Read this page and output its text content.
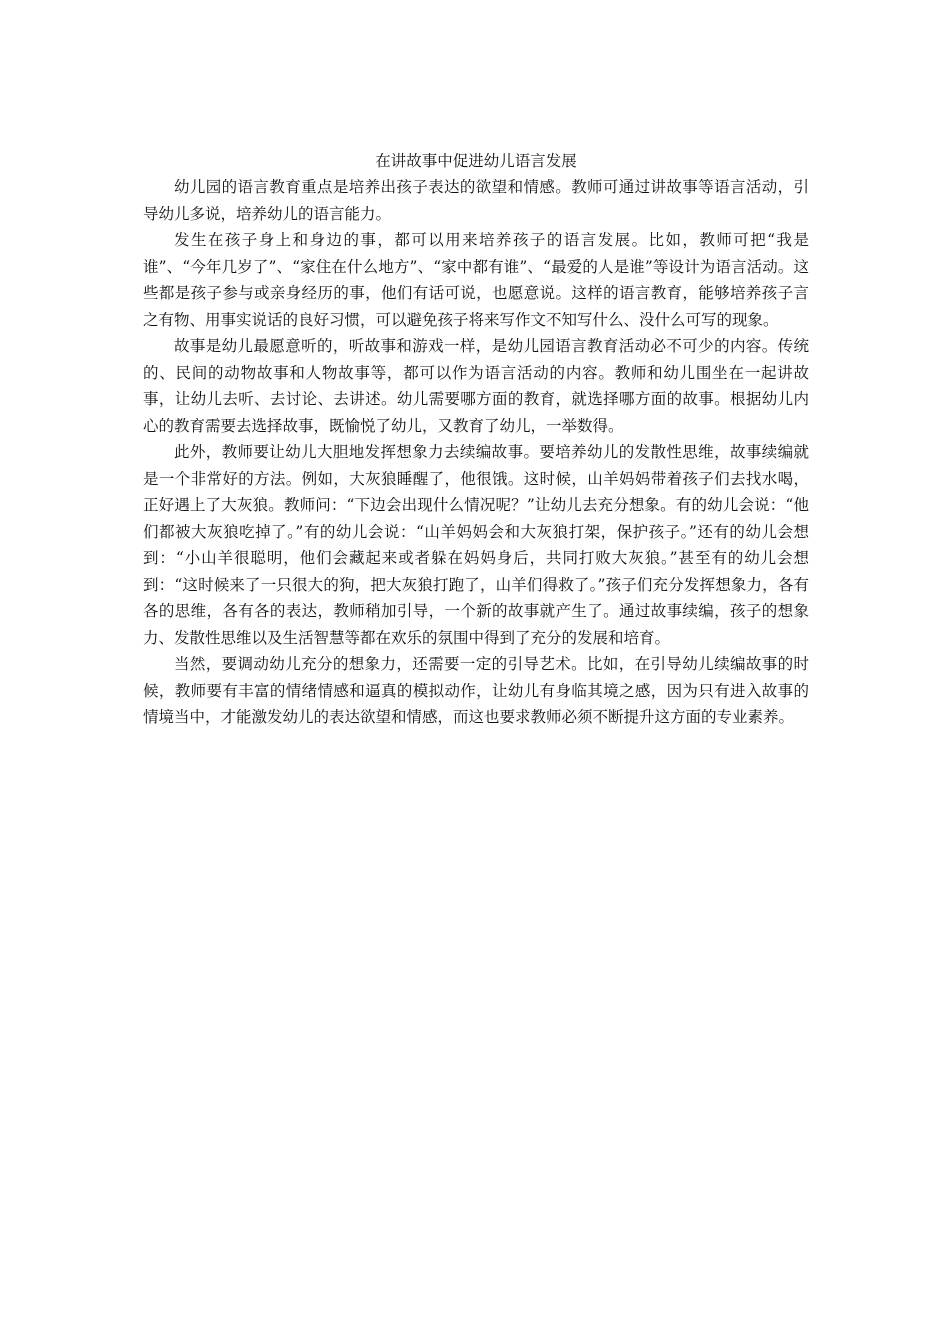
在讲故事中促进幼儿语言发展

幼儿园的语言教育重点是培养出孩子表达的欲望和情感。教师可通过讲故事等语言活动，引导幼儿多说，培养幼儿的语言能力。

发生在孩子身上和身边的事，都可以用来培养孩子的语言发展。比如，教师可把“我是谁”、“今年几岁了”、“家住在什么地方”、“家中都有谁”、“最爱的人是谁”等设计为语言活动。这些都是孩子参与或亲身经历的事，他们有话可说，也愿意说。这样的语言教育，能够培养孩子言之有物、用事实说话的良好习惯，可以避免孩子将来写作文不知写什么、没什么可写的现象。

故事是幼儿最愿意听的，听故事和游戏一样，是幼儿园语言教育活动必不可少的内容。传统的、民间的动物故事和人物故事等，都可以作为语言活动的内容。教师和幼儿围坐在一起讲故事，让幼儿去听、去讨论、去讲述。幼儿需要哪方面的教育，就选择哪方面的故事。根据幼儿内心的教育需要去选择故事，既愉悦了幼儿，又教育了幼儿，一举数得。

此外，教师要让幼儿大胆地发挥想象力去续编故事。要培养幼儿的发散性思维，故事续编就是一个非常好的方法。例如，大灰狼睡醒了，他很饿。这时候，山羊妈妈带着孩子们去找水喝，正好遇上了大灰狼。教师问：“下边会出现什么情况呢？”让幼儿去充分想象。有的幼儿会说：“他们都被大灰狼吃掉了。”有的幼儿会说：“山羊妈妈会和大灰狼打架，保护孩子。”还有的幼儿会想到：“小山羊很聪明，他们会藏起来或者躲在妈妈身后，共同打败大灰狼。”甚至有的幼儿会想到：“这时候来了一只很大的狗，把大灰狼打跑了，山羊们得救了。”孩子们充分发挥想象力，各有各的思维，各有各的表达，教师稍加引导，一个新的故事就产生了。通过故事续编，孩子的想象力、发散性思维以及生活智慧等都在欢乐的氛围中得到了充分的发展和培育。

当然，要调动幼儿充分的想象力，还需要一定的引导艺术。比如，在引导幼儿续编故事的时候，教师要有丰富的情绪情感和逼真的模拟动作，让幼儿有身临其境之感，因为只有进入故事的情境当中，才能激发幼儿的表达欲望和情感，而这也要求教师必须不断提升这方面的专业素养。
